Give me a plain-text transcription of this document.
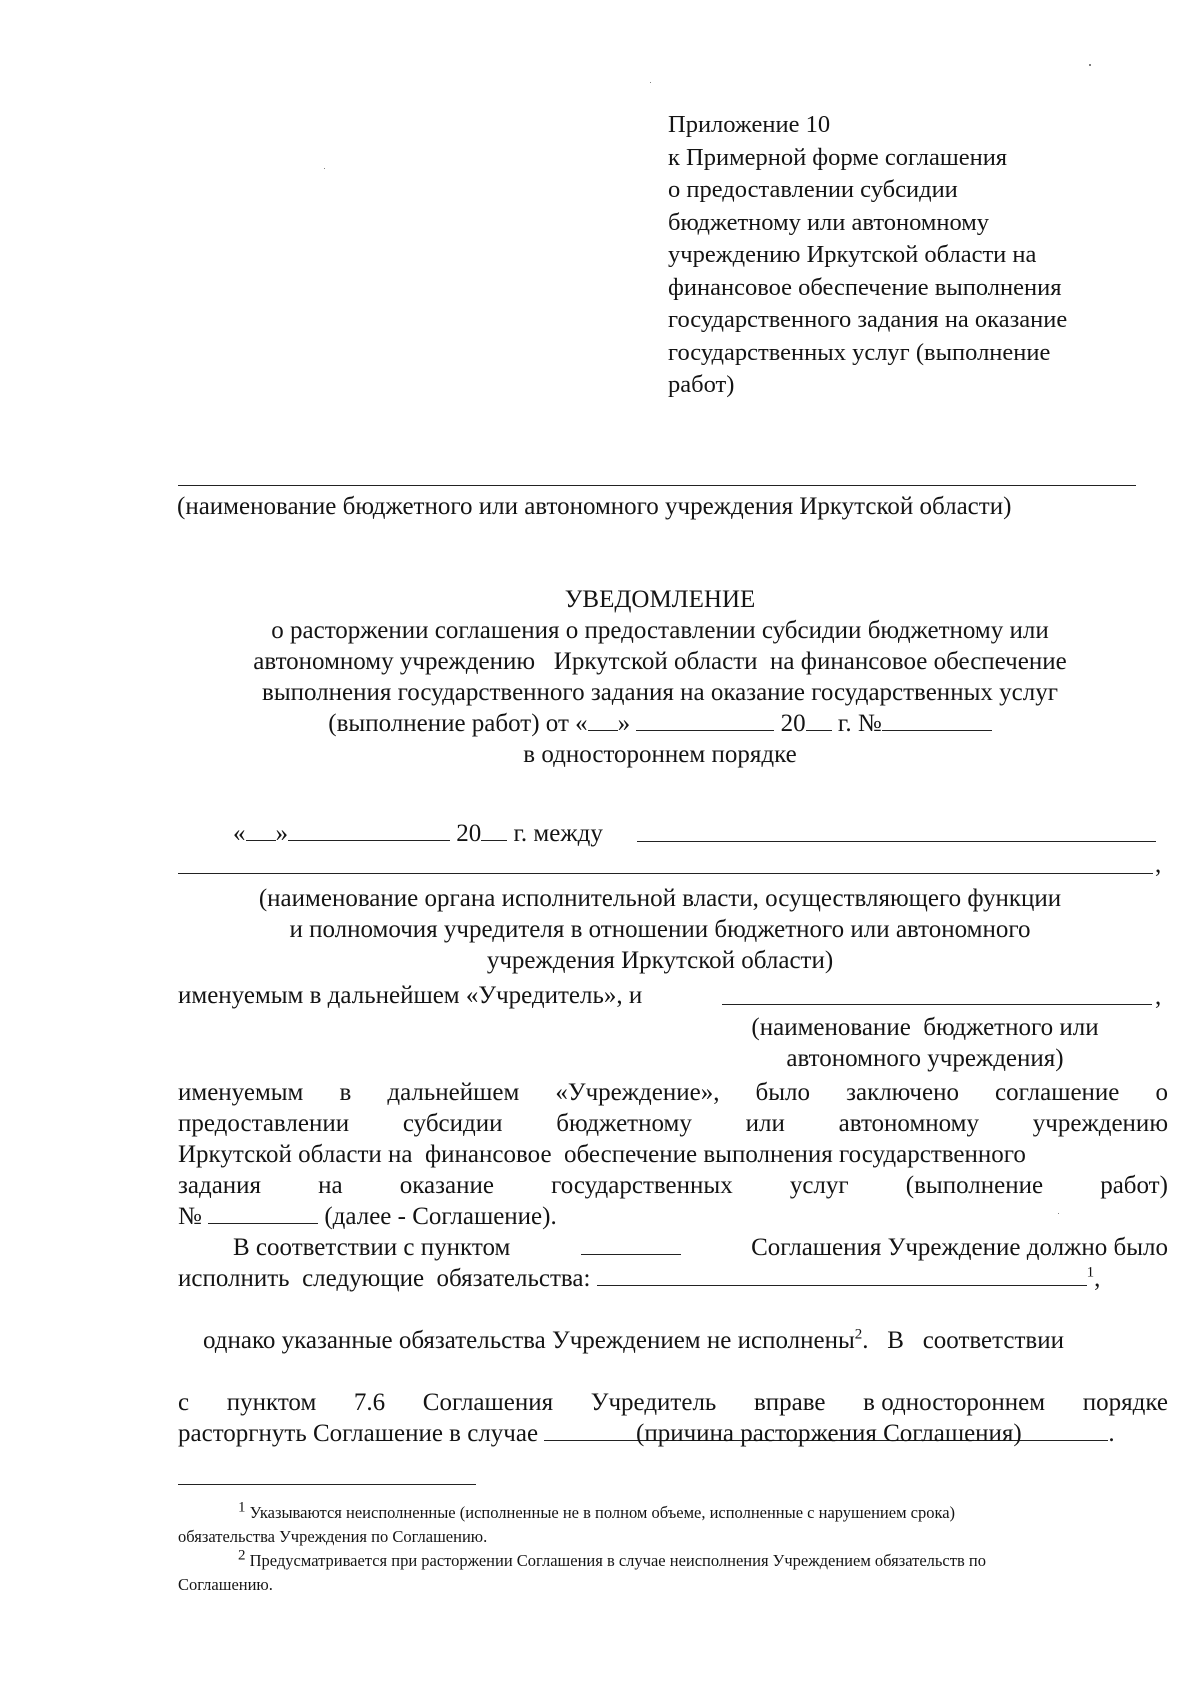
Приложение 10
к Примерной форме соглашения
о предоставлении субсидии
бюджетному или автономному
учреждению Иркутской области на
финансовое обеспечение выполнения
государственного задания на оказание
государственных услуг (выполнение
работ)
(наименование бюджетного или автономного учреждения Иркутской области)
УВЕДОМЛЕНИЕ
о расторжении соглашения о предоставлении субсидии бюджетному или
автономному учреждению   Иркутской области  на финансовое обеспечение
выполнения государственного задания на оказание государственных услуг
(выполнение работ) от « »	20 г. №
в одностороннем порядке
« »	20 г. между
,
(наименование органа исполнительной власти, осуществляющего функции
и полномочия учредителя в отношении бюджетного или автономного
учреждения Иркутской области)
именуемым в дальнейшем «Учредитель», и	,
(наименование  бюджетного или
автономного учреждения)
именуемым в дальнейшем «Учреждение», было заключено соглашение о
предоставлении субсидии бюджетному или автономному учреждению
Иркутской области на  финансовое  обеспечение выполнения государственного
задания на оказание государственных услуг (выполнение работ)
№	(далее - Соглашение).
В соответствии с пунктом	Соглашения Учреждение должно было
исполнить  следующие  обязательства:	$^1$,

однако указанные обязательства Учреждением не исполнены$^2$.   В   соответствии

с пунктом 7.6 Соглашения Учредитель вправе в одностороннем порядке
расторгнуть Соглашение в случае	.
(причина расторжения Соглашения)
$^1$ Указываются неисполненные (исполненные не в полном объеме, исполненные с нарушением срока)
обязательства Учреждения по Соглашению.
$^2$ Предусматривается при расторжении Соглашения в случае неисполнения Учреждением обязательств по
Соглашению.
